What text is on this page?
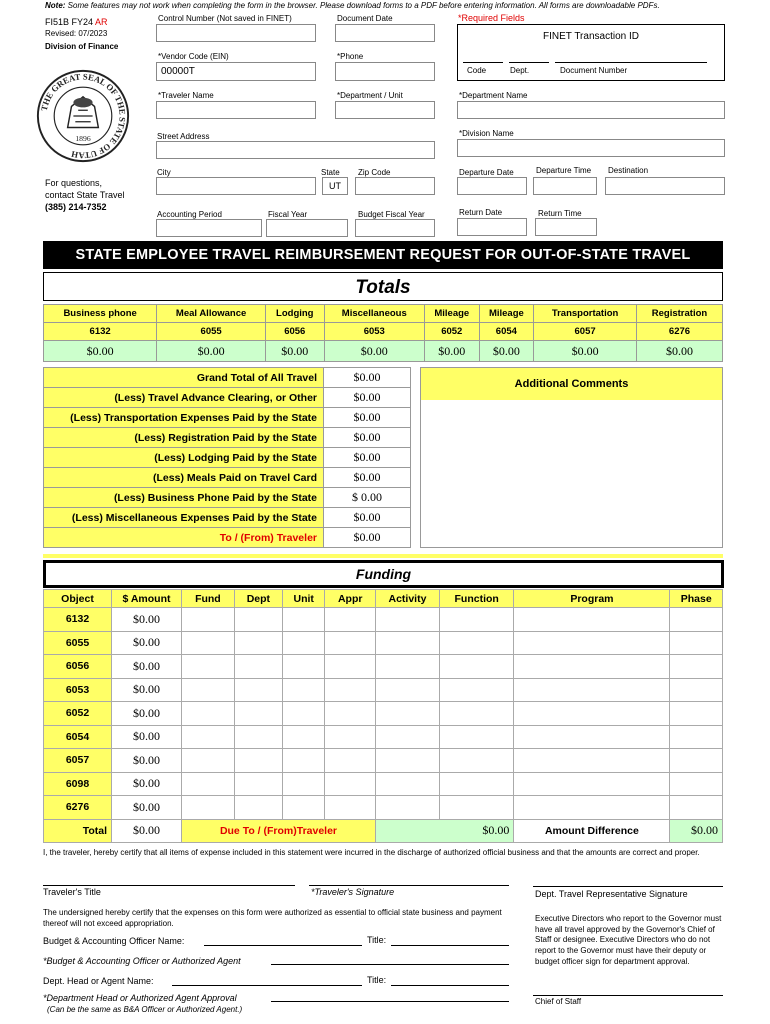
Note: Some features may not work when completing the form in the browser. Please download forms to a PDF before entering information. All forms are downloadable PDFs.
FI51B FY24 AR
Revised: 07/2023
Division of Finance
THE GREAT SEAL OF THE STATE OF UTAH
1896
For questions,
contact State Travel
(385) 214-7352
Control Number (Not saved in FINET)	Document Date
*Vendor Code (EIN)
00000T
*Phone
*Traveler Name	*Department / Unit
Street Address
City	State
UT
Zip Code
Accounting Period	Fiscal Year	Budget Fiscal Year
*Required Fields
FINET Transaction ID
Code	Dept.	Document Number
*Department Name
*Division Name
Departure Date	Departure Time Destination
Return Date	Return Time
STATE EMPLOYEE TRAVEL REIMBURSEMENT REQUEST FOR OUT-OF-STATE TRAVEL
Totals
Business phone	Meal Allowance	Lodging	Miscellaneous	Mileage	Mileage	Transportation	Registration
6132	6055	6056	6053	6052	6054	6057	6276
$0.00	$0.00	$0.00	$0.00	$0.00	$0.00	$0.00	$0.00
Grand Total of All Travel	$0.00
(Less) Travel Advance Clearing, or Other	$0.00
(Less) Transportation Expenses Paid by the State	$0.00
(Less) Registration Paid by the State	$0.00
(Less) Lodging Paid by the State	$0.00
(Less) Meals Paid on Travel Card	$0.00
(Less) Business Phone Paid by the State	$ 0.00
(Less) Miscellaneous Expenses Paid by the State	$0.00
To / (From) Traveler	$0.00
Additional Comments
Funding
Object	$ Amount	Fund	Dept	Unit	Appr	Activity	Function	Program	Phase
6132	$0.00								
6055	$0.00								
6056	$0.00								
6053	$0.00								
6052	$0.00								
6054	$0.00								
6057	$0.00								
6098	$0.00								
6276	$0.00								
Total	$0.00	Due To / (From)Traveler				$0.00		Amount Difference	$0.00
I, the traveler, hereby certify that all items of expense included in this statement were incurred in the discharge of authorized official business and that the amounts are correct and proper.
Traveler's Title	*Traveler's Signature	Dept. Travel Representative Signature
The undersigned hereby certify that the expenses on this form were authorized as essential to official state business and payment thereof will not exceed appropriation.
Executive Directors who report to the Governor must have all travel approved by the Governor's Chief of Staff or designee. Executive Directors who do not report to the Governor must have their deputy or budget officer sign for department approval.
Budget & Accounting Officer Name:	Title:
*Budget & Accounting Officer or Authorized Agent
Dept. Head or Agent Name:	Title:
*Department Head or Authorized Agent Approval
(Can be the same as B&A Officer or Authorized Agent.)
Chief of Staff
